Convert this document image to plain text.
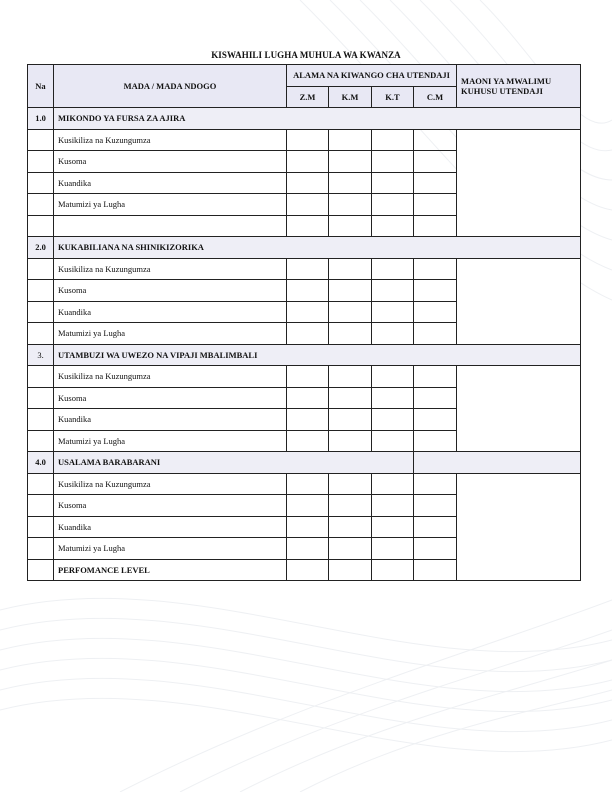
KISWAHILI LUGHA MUHULA WA KWANZA
Na	MADA / MADA NDOGO	ALAMA NA KIWANGO CHA UTENDAJI				MAONI YA MWALIMU KUHUSU UTENDAJI
		Z.M	K.M	K.T	C.M	
1.0	MIKONDO YA FURSA ZA AJIRA					
	Kusikiliza na Kuzungumza					
	Kusoma					
	Kuandika					
	Matumizi ya Lugha					

2.0	KUKABILIANA NA SHINIKIZORIKA					
	Kusikiliza na Kuzungumza					
	Kusoma					
	Kuandika					
	Matumizi ya Lugha					
3.	UTAMBUZI WA UWEZO NA VIPAJI MBALIMBALI					
	Kusikiliza na Kuzungumza					
	Kusoma					
	Kuandika					
	Matumizi ya Lugha					
4.0	USALAMA BARABARANI					
	Kusikiliza na Kuzungumza					
	Kusoma					
	Kuandika					
	Matumizi ya Lugha					
	PERFOMANCE LEVEL					
